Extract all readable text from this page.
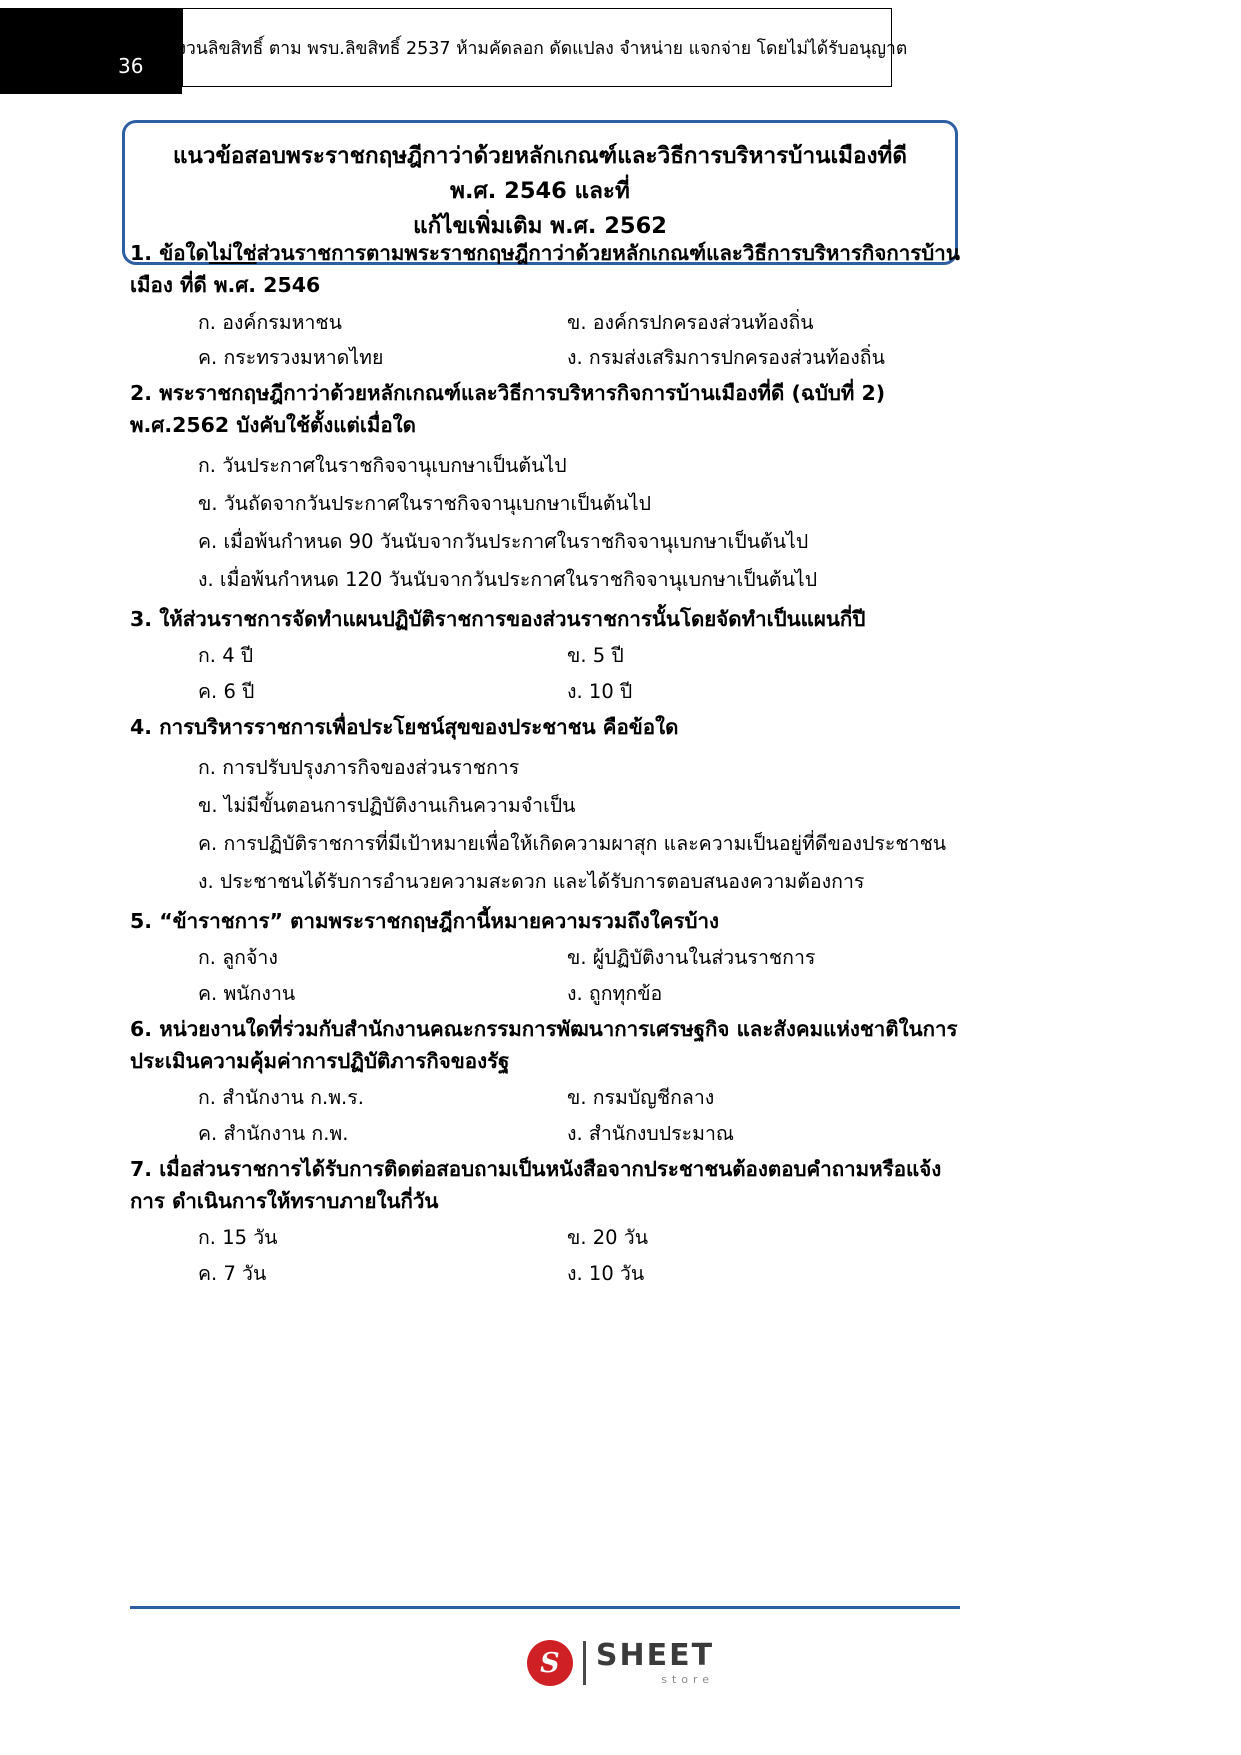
36
สงวนลิขสิทธิ์ ตาม พรบ.ลิขสิทธิ์ 2537 ห้ามคัดลอก ดัดแปลง จำหน่าย แจกจ่าย โดยไม่ได้รับอนุญาต
แนวข้อสอบพระราชกฤษฎีกาว่าด้วยหลักเกณฑ์และวิธีการบริหารบ้านเมืองที่ดี พ.ศ. 2546 และที่
แก้ไขเพิ่มเติม พ.ศ. 2562
1. ข้อใดไม่ใช่ส่วนราชการตามพระราชกฤษฎีกาว่าด้วยหลักเกณฑ์และวิธีการบริหารกิจการบ้านเมือง ที่ดี พ.ศ. 2546
ก. องค์กรมหาชน	ข. องค์กรปกครองส่วนท้องถิ่น
ค. กระทรวงมหาดไทย	ง. กรมส่งเสริมการปกครองส่วนท้องถิ่น
2. พระราชกฤษฎีกาว่าด้วยหลักเกณฑ์และวิธีการบริหารกิจการบ้านเมืองที่ดี (ฉบับที่ 2) พ.ศ.2562 บังคับใช้ตั้งแต่เมื่อใด
ก. วันประกาศในราชกิจจานุเบกษาเป็นต้นไป
ข. วันถัดจากวันประกาศในราชกิจจานุเบกษาเป็นต้นไป
ค. เมื่อพ้นกำหนด 90 วันนับจากวันประกาศในราชกิจจานุเบกษาเป็นต้นไป
ง. เมื่อพ้นกำหนด 120 วันนับจากวันประกาศในราชกิจจานุเบกษาเป็นต้นไป
3. ให้ส่วนราชการจัดทำแผนปฏิบัติราชการของส่วนราชการนั้นโดยจัดทำเป็นแผนกี่ปี
ก. 4 ปี	ข. 5 ปี
ค. 6 ปี	ง. 10 ปี
4. การบริหารราชการเพื่อประโยชน์สุขของประชาชน คือข้อใด
ก. การปรับปรุงภารกิจของส่วนราชการ
ข. ไม่มีขั้นตอนการปฏิบัติงานเกินความจำเป็น
ค. การปฏิบัติราชการที่มีเป้าหมายเพื่อให้เกิดความผาสุก และความเป็นอยู่ที่ดีของประชาชน
ง. ประชาชนได้รับการอำนวยความสะดวก และได้รับการตอบสนองความต้องการ
5. “ข้าราชการ” ตามพระราชกฤษฎีกานี้หมายความรวมถึงใครบ้าง
ก. ลูกจ้าง	ข. ผู้ปฏิบัติงานในส่วนราชการ
ค. พนักงาน	ง. ถูกทุกข้อ
6. หน่วยงานใดที่ร่วมกับสำนักงานคณะกรรมการพัฒนาการเศรษฐกิจ และสังคมแห่งชาติในการ ประเมินความคุ้มค่าการปฏิบัติภารกิจของรัฐ
ก. สำนักงาน ก.พ.ร.	ข. กรมบัญชีกลาง
ค. สำนักงาน ก.พ.	ง. สำนักงบประมาณ
7. เมื่อส่วนราชการได้รับการติดต่อสอบถามเป็นหนังสือจากประชาชนต้องตอบคำถามหรือแจ้งการ ดำเนินการให้ทราบภายในกี่วัน
ก. 15 วัน	ข. 20 วัน
ค. 7 วัน	ง. 10 วัน
S	SHEET
store
